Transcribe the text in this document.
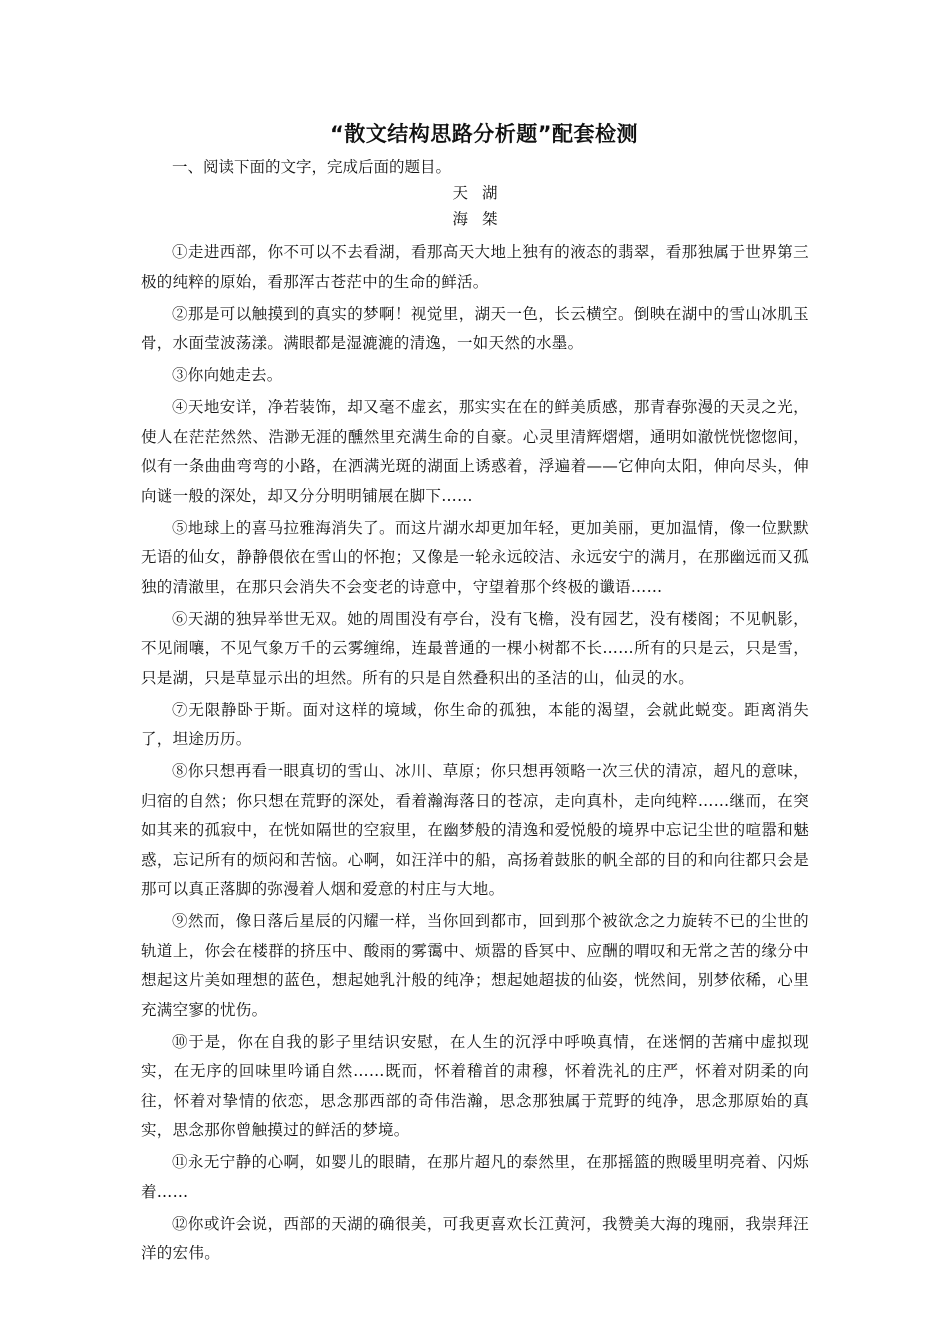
“散文结构思路分析题”配套检测

一、阅读下面的文字，完成后面的题目。

天湖

海桀

①走进西部，你不可以不去看湖，看那高天大地上独有的液态的翡翠，看那独属于世界第三极的纯粹的原始，看那浑古苍茫中的生命的鲜活。

②那是可以触摸到的真实的梦啊！视觉里，湖天一色，长云横空。倒映在湖中的雪山冰肌玉骨，水面莹波荡漾。满眼都是湿漉漉的清逸，一如天然的水墨。

③你向她走去。

④天地安详，净若装饰，却又毫不虚玄，那实实在在的鲜美质感，那青春弥漫的天灵之光，使人在茫茫然然、浩渺无涯的醺然里充满生命的自豪。心灵里清辉熠熠，通明如澈恍恍惚惚间，似有一条曲曲弯弯的小路，在洒满光斑的湖面上诱惑着，浮遍着——它伸向太阳，伸向尽头，伸向谜一般的深处，却又分分明明铺展在脚下……

⑤地球上的喜马拉雅海消失了。而这片湖水却更加年轻，更加美丽，更加温情，像一位默默无语的仙女，静静偎依在雪山的怀抱；又像是一轮永远皎洁、永远安宁的满月，在那幽远而又孤独的清澈里，在那只会消失不会变老的诗意中，守望着那个终极的谶语……

⑥天湖的独异举世无双。她的周围没有亭台，没有飞檐，没有园艺，没有楼阁；不见帆影，不见闹嚷，不见气象万千的云雾缠绵，连最普通的一棵小树都不长……所有的只是云，只是雪，只是湖，只是草显示出的坦然。所有的只是自然叠积出的圣洁的山，仙灵的水。

⑦无限静卧于斯。面对这样的境域，你生命的孤独，本能的渴望，会就此蜕变。距离消失了，坦途历历。

⑧你只想再看一眼真切的雪山、冰川、草原；你只想再领略一次三伏的清凉，超凡的意味，归宿的自然；你只想在荒野的深处，看着瀚海落日的苍凉，走向真朴，走向纯粹……继而，在突如其来的孤寂中，在恍如隔世的空寂里，在幽梦般的清逸和爱悦般的境界中忘记尘世的喧嚣和魅惑，忘记所有的烦闷和苦恼。心啊，如汪洋中的船，高扬着鼓胀的帆全部的目的和向往都只会是那可以真正落脚的弥漫着人烟和爱意的村庄与大地。

⑨然而，像日落后星辰的闪耀一样，当你回到都市，回到那个被欲念之力旋转不已的尘世的轨道上，你会在楼群的挤压中、酸雨的雾霭中、烦嚣的昏冥中、应酬的喟叹和无常之苦的缘分中想起这片美如理想的蓝色，想起她乳汁般的纯净；想起她超拔的仙姿，恍然间，别梦依稀，心里充满空寥的忧伤。

⑩于是，你在自我的影子里结识安慰，在人生的沉浮中呼唤真情，在迷惘的苦痛中虚拟现实，在无序的回味里吟诵自然……既而，怀着稽首的肃穆，怀着洗礼的庄严，怀着对阴柔的向往，怀着对挚情的依恋，思念那西部的奇伟浩瀚，思念那独属于荒野的纯净，思念那原始的真实，思念那你曾触摸过的鲜活的梦境。

⑪永无宁静的心啊，如婴儿的眼睛，在那片超凡的泰然里，在那摇篮的煦暖里明亮着、闪烁着……

⑫你或许会说，西部的天湖的确很美，可我更喜欢长江黄河，我赞美大海的瑰丽，我崇拜汪洋的宏伟。
